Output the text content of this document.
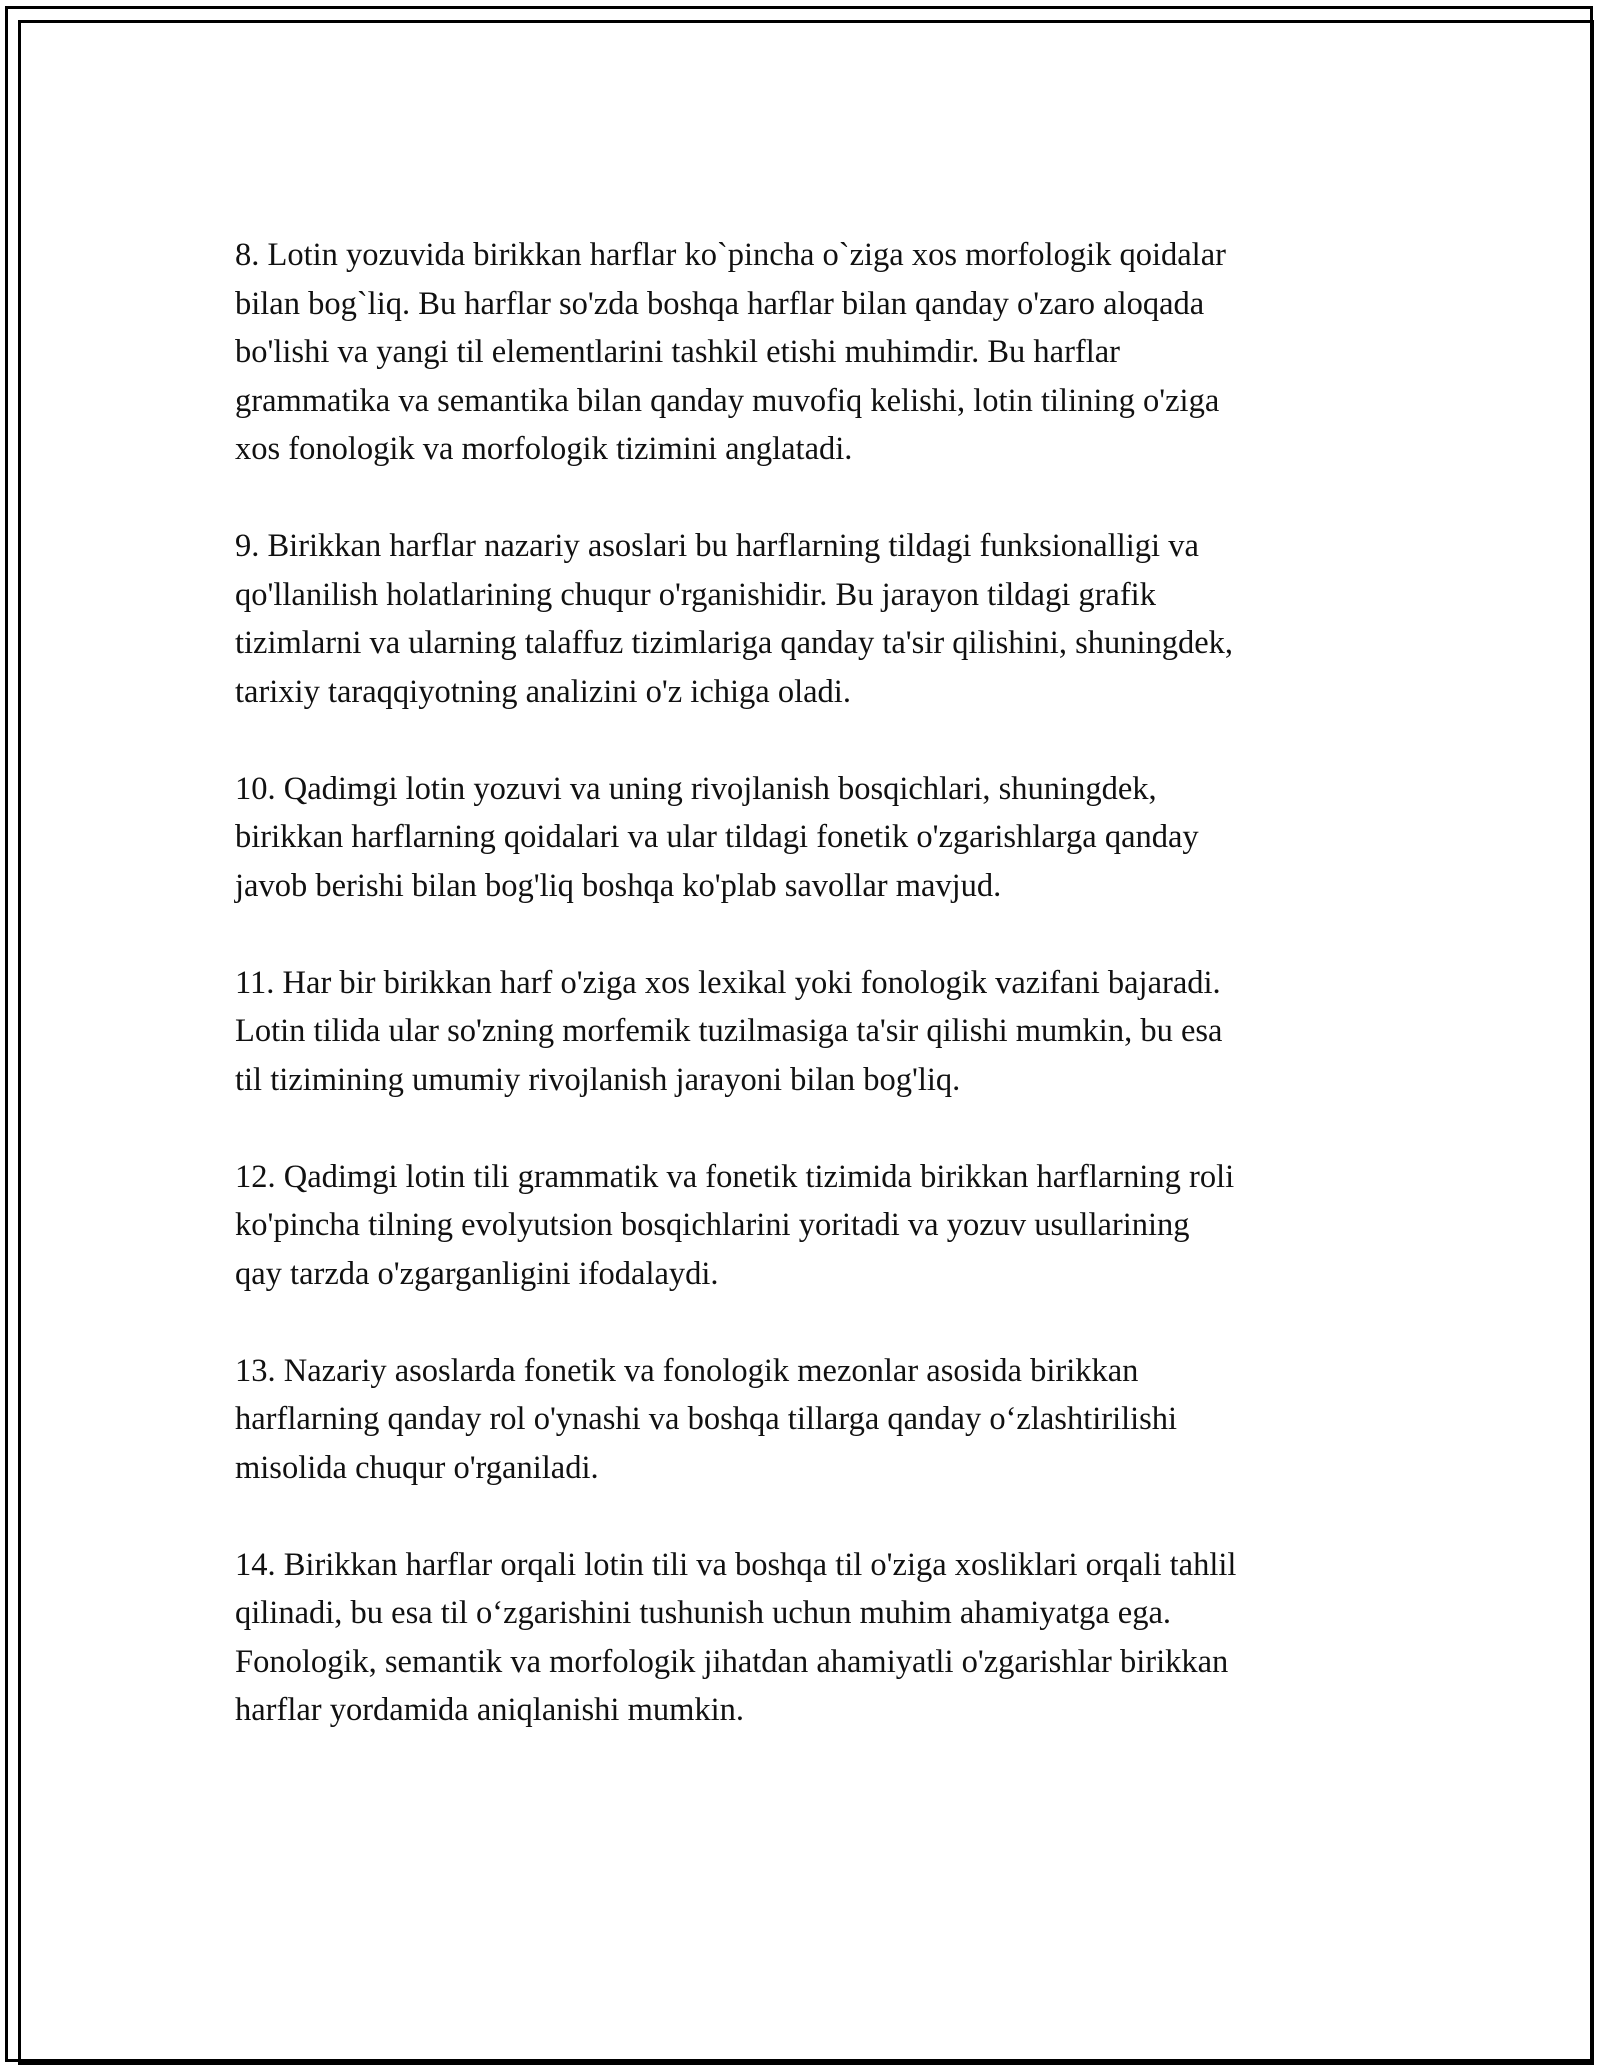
8. Lotin yozuvida birikkan harflar ko`pincha o`ziga xos morfologik qoidalar
bilan bog`liq. Bu harflar so'zda boshqa harflar bilan qanday o'zaro aloqada
bo'lishi va yangi til elementlarini tashkil etishi muhimdir. Bu harflar
grammatika va semantika bilan qanday muvofiq kelishi, lotin tilining o'ziga
xos fonologik va morfologik tizimini anglatadi.

9. Birikkan harflar nazariy asoslari bu harflarning tildagi funksionalligi va
qo'llanilish holatlarining chuqur o'rganishidir. Bu jarayon tildagi grafik
tizimlarni va ularning talaffuz tizimlariga qanday ta'sir qilishini, shuningdek,
tarixiy taraqqiyotning analizini o'z ichiga oladi.

10. Qadimgi lotin yozuvi va uning rivojlanish bosqichlari, shuningdek,
birikkan harflarning qoidalari va ular tildagi fonetik o'zgarishlarga qanday
javob berishi bilan bog'liq boshqa ko'plab savollar mavjud.

11. Har bir birikkan harf o'ziga xos lexikal yoki fonologik vazifani bajaradi.
Lotin tilida ular so'zning morfemik tuzilmasiga ta'sir qilishi mumkin, bu esa
til tizimining umumiy rivojlanish jarayoni bilan bog'liq.

12. Qadimgi lotin tili grammatik va fonetik tizimida birikkan harflarning roli
ko'pincha tilning evolyutsion bosqichlarini yoritadi va yozuv usullarining
qay tarzda o'zgarganligini ifodalaydi.

13. Nazariy asoslarda fonetik va fonologik mezonlar asosida birikkan
harflarning qanday rol o'ynashi va boshqa tillarga qanday o‘zlashtirilishi
misolida chuqur o'rganiladi.

14. Birikkan harflar orqali lotin tili va boshqa til o'ziga xosliklari orqali tahlil
qilinadi, bu esa til o‘zgarishini tushunish uchun muhim ahamiyatga ega.
Fonologik, semantik va morfologik jihatdan ahamiyatli o'zgarishlar birikkan
harflar yordamida aniqlanishi mumkin.
